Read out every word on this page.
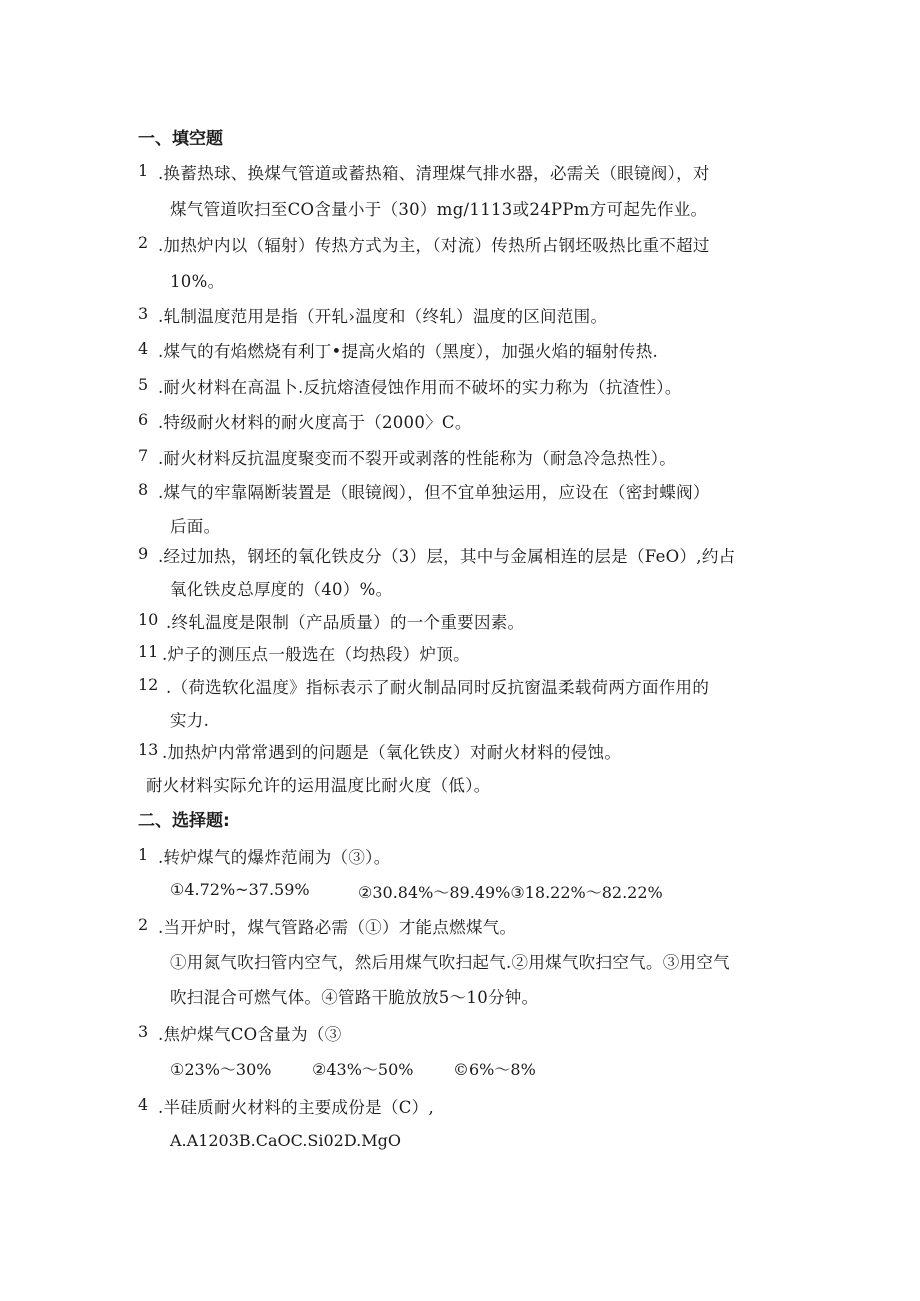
一、填空题
1 .换蓄热球、换煤气管道或蓄热箱、清理煤气排水器，必需关（眼镜阀），对
煤气管道吹扫至CO含量小于（30）mg/1113或24PPm方可起先作业。
2 .加热炉内以（辐射）传热方式为主，（对流）传热所占钢坯吸热比重不超过
10%。
3 .轧制温度范用是指（开轧›温度和（终轧）温度的区间范围。
4 .煤气的有焰燃烧有利丁•提高火焰的（黑度），加强火焰的辐射传热.
5 .耐火材料在高温卜.反抗熔渣侵蚀作用而不破坏的实力称为（抗渣性）。
6 .特级耐火材料的耐火度高于（2000〉C。
7 .耐火材料反抗温度聚变而不裂开或剥落的性能称为（耐急冷急热性）。
8 .煤气的牢靠隔断装置是（眼镜阀），但不宜单独运用，应设在（密封蝶阀）
后面。
9 .经过加热，钢坯的氧化铁皮分（3）层，其中与金属相连的层是（FeO）,约占
氧化铁皮总厚度的（40）%。
10 .终轧温度是限制（产品质量）的一个重要因素。
11 .炉子的测压点一般选在（均热段）炉顶。
12 .（荷选软化温度》指标表示了耐火制品同时反抗窗温柔载荷两方面作用的
实力.
13 .加热炉内常常遇到的问题是（氧化铁皮）对耐火材料的侵蚀。
耐火材料实际允许的运用温度比耐火度（低）。
二、选择题:
1 .转炉煤气的爆炸范闹为（③）。
①4.72%~37.59%	②30.84%～89.49%③18.22%～82.22%
2 .当开炉时，煤气管路必需（①）才能点燃煤气。
①用氮气吹扫管内空气，然后用煤气吹扫起气.②用煤气吹扫空气。③用空气
吹扫混合可燃气体。④管路干脆放放5～10分钟。
3 .焦炉煤气CO含量为（③
①23%～30%	②43%～50% ©6%～8%
4 .半硅质耐火材料的主要成份是（C）,
A.A1203B.CaOC.Si02D.MgO
